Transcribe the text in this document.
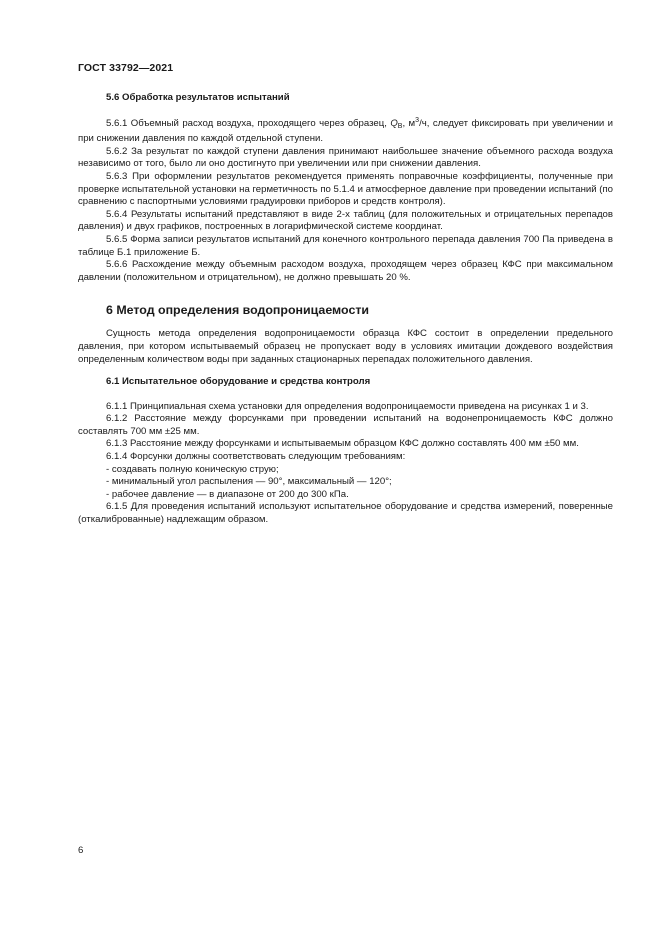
ГОСТ 33792—2021

5.6 Обработка результатов испытаний

5.6.1 Объемный расход воздуха, проходящего через образец, $Q_В$, $м^3/ч$, следует фиксировать при увеличении и при снижении давления по каждой отдельной ступени.

5.6.2 За результат по каждой ступени давления принимают наибольшее значение объемного расхода воздуха независимо от того, было ли оно достигнуто при увеличении или при снижении давления.

5.6.3 При оформлении результатов рекомендуется применять поправочные коэффициенты, полученные при проверке испытательной установки на герметичность по 5.1.4 и атмосферное давление при проведении испытаний (по сравнению с паспортными условиями градуировки приборов и средств контроля).

5.6.4 Результаты испытаний представляют в виде 2-х таблиц (для положительных и отрицательных перепадов давления) и двух графиков, построенных в логарифмической системе координат.

5.6.5 Форма записи результатов испытаний для конечного контрольного перепада давления 700 Па приведена в таблице Б.1 приложение Б.

5.6.6 Расхождение между объемным расходом воздуха, проходящем через образец КФС при максимальном давлении (положительном и отрицательном), не должно превышать 20 %.

6 Метод определения водопроницаемости

Сущность метода определения водопроницаемости образца КФС состоит в определении предельного давления, при котором испытываемый образец не пропускает воду в условиях имитации дождевого воздействия определенным количеством воды при заданных стационарных перепадах положительного давления.

6.1 Испытательное оборудование и средства контроля

6.1.1 Принципиальная схема установки для определения водопроницаемости приведена на рисунках 1 и 3.

6.1.2 Расстояние между форсунками при проведении испытаний на водонепроницаемость КФС должно составлять 700 мм ±25 мм.

6.1.3 Расстояние между форсунками и испытываемым образцом КФС должно составлять 400 мм ±50 мм.

6.1.4 Форсунки должны соответствовать следующим требованиям:

- создавать полную коническую струю;

- минимальный угол распыления — 90°, максимальный — 120°;

- рабочее давление — в диапазоне от 200 до 300 кПа.

6.1.5 Для проведения испытаний используют испытательное оборудование и средства измерений, поверенные (откалиброванные) надлежащим образом.

6
